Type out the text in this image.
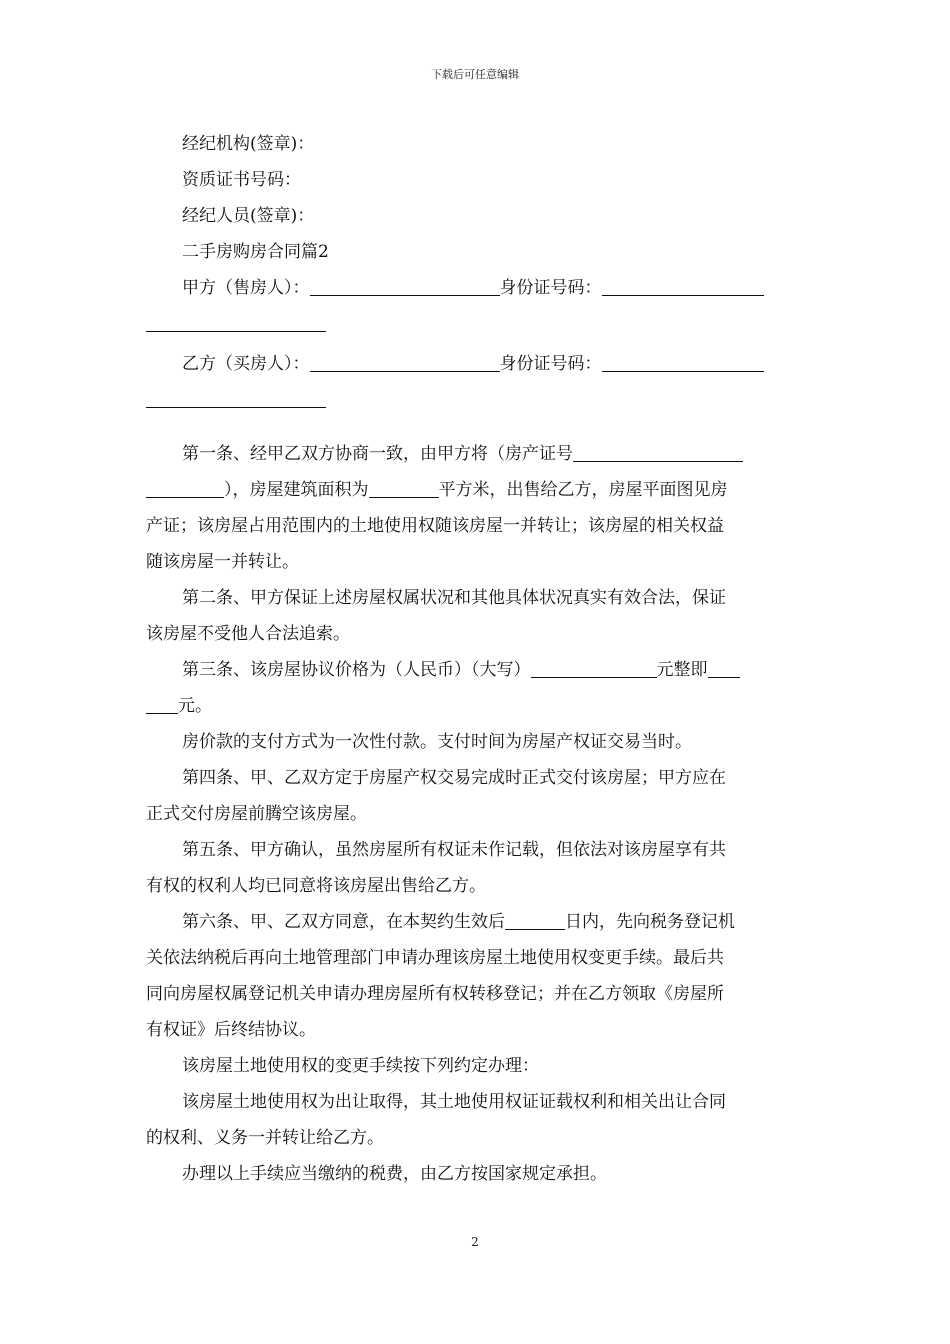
下载后可任意编辑
经纪机构(签章)：
资质证书号码：
经纪人员(签章)：
二手房购房合同篇2
甲方（售房人）：	身份证号码：
乙方（买房人）：	身份证号码：
第一条、经甲乙双方协商一致，由甲方将（房产证号
），房屋建筑面积为	平方米，出售给乙方，房屋平面图见房
产证；该房屋占用范围内的土地使用权随该房屋一并转让；该房屋的相关权益
随该房屋一并转让。
第二条、甲方保证上述房屋权属状况和其他具体状况真实有效合法，保证
该房屋不受他人合法追索。
第三条、该房屋协议价格为（人民币）（大写）	元整即
元。
房价款的支付方式为一次性付款。支付时间为房屋产权证交易当时。
第四条、甲、乙双方定于房屋产权交易完成时正式交付该房屋；甲方应在
正式交付房屋前腾空该房屋。
第五条、甲方确认，虽然房屋所有权证未作记载，但依法对该房屋享有共
有权的权利人均已同意将该房屋出售给乙方。
第六条、甲、乙双方同意，在本契约生效后	日内，先向税务登记机
关依法纳税后再向土地管理部门申请办理该房屋土地使用权变更手续。最后共
同向房屋权属登记机关申请办理房屋所有权转移登记；并在乙方领取《房屋所
有权证》后终结协议。
该房屋土地使用权的变更手续按下列约定办理：
该房屋土地使用权为出让取得，其土地使用权证证载权利和相关出让合同
的权利、义务一并转让给乙方。
办理以上手续应当缴纳的税费，由乙方按国家规定承担。
2
